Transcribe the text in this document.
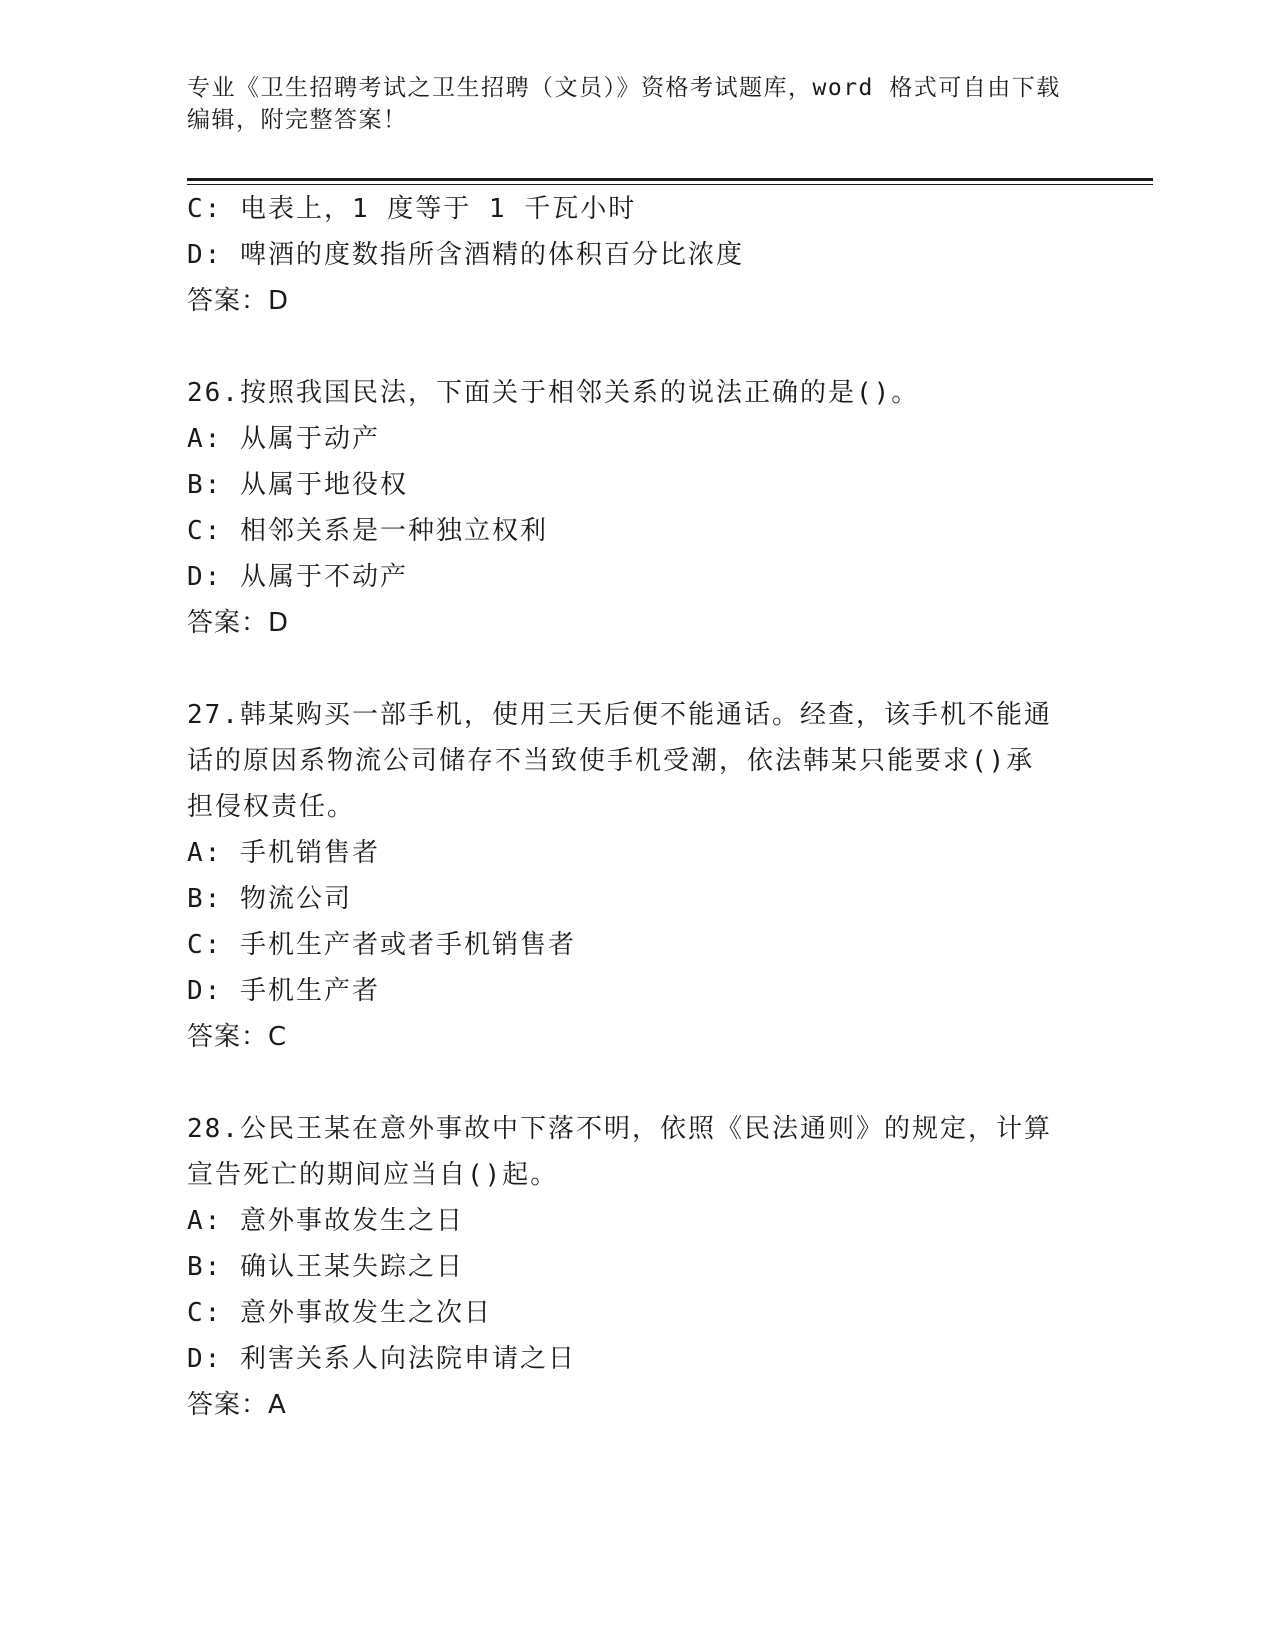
专业《卫生招聘考试之卫生招聘（文员）》资格考试题库，word 格式可自由下载

编辑，附完整答案！

C: 电表上，1 度等于 1 千瓦小时
D: 啤酒的度数指所含酒精的体积百分比浓度
答案：D
26.按照我国民法，下面关于相邻关系的说法正确的是()。
A: 从属于动产
B: 从属于地役权
C: 相邻关系是一种独立权利
D: 从属于不动产
答案：D
27.韩某购买一部手机，使用三天后便不能通话。经查，该手机不能通
话的原因系物流公司储存不当致使手机受潮，依法韩某只能要求()承
担侵权责任。
A: 手机销售者
B: 物流公司
C: 手机生产者或者手机销售者
D: 手机生产者
答案：C
28.公民王某在意外事故中下落不明，依照《民法通则》的规定，计算
宣告死亡的期间应当自()起。
A: 意外事故发生之日
B: 确认王某失踪之日
C: 意外事故发生之次日
D: 利害关系人向法院申请之日
答案：A
